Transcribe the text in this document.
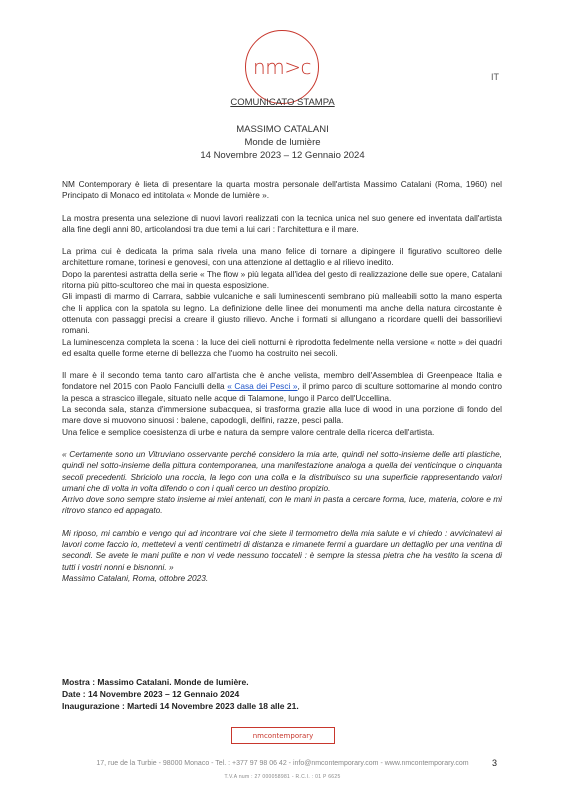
nm>c	IT
COMUNICATO STAMPA
MASSIMO CATALANI
Monde de lumière
14 Novembre 2023 – 12 Gennaio 2024

NM Contemporary è lieta di presentare la quarta mostra personale dell'artista Massimo Catalani (Roma, 1960) nel Principato di Monaco ed intitolata « Monde de lumière ».

La mostra presenta una selezione di nuovi lavori realizzati con la tecnica unica nel suo genere ed inventata dall'artista alla fine degli anni 80, articolandosi tra due temi a lui cari : l'architettura e il mare.

La prima cui è dedicata la prima sala rivela una mano felice di tornare a dipingere il figurativo scultoreo delle architetture romane, torinesi e genovesi, con una attenzione al dettaglio e al rilievo inedito.

Dopo la parentesi astratta della serie « The flow » più legata all'idea del gesto di realizzazione delle sue opere, Catalani ritorna più pitto-scultoreo che mai in questa esposizione.

Gli impasti di marmo di Carrara, sabbie vulcaniche e sali luminescenti sembrano più malleabili sotto la mano esperta che li applica con la spatola su legno. La definizione delle linee dei monumenti ma anche della natura circostante è ottenuta con passaggi precisi a creare il giusto rilievo. Anche i formati si allungano a ricordare quelli dei bassorilievi romani.

La luminescenza completa la scena : la luce dei cieli notturni è riprodotta fedelmente nella versione « notte » dei quadri ed esalta quelle forme eterne di bellezza che l'uomo ha costruito nei secoli.

Il mare è il secondo tema tanto caro all'artista che è anche velista, membro dell'Assemblea di Greenpeace Italia e fondatore nel 2015 con Paolo Fanciulli della « Casa dei Pesci », il primo parco di sculture sottomarine al mondo contro la pesca a strascico illegale, situato nelle acque di Talamone, lungo il Parco dell'Uccellina.

La seconda sala, stanza d'immersione subacquea, si trasforma grazie alla luce di wood in una porzione di fondo del mare dove si muovono sinuosi : balene, capodogli, delfini, razze, pesci palla.

Una felice e semplice coesistenza di urbe e natura da sempre valore centrale della ricerca dell'artista.

« Certamente sono un Vitruviano osservante perché considero la mia arte, quindi nel sotto-insieme delle arti plastiche, quindi nel sotto-insieme della pittura contemporanea, una manifestazione analoga a quella dei venticinque o cinquanta secoli precedenti. Sbriciolo una roccia, la lego con una colla e la distribuisco su una superficie rappresentando valori umani che di volta in volta difendo o con i quali cerco un destino propizio.

Arrivo dove sono sempre stato insieme ai miei antenati, con le mani in pasta a cercare forma, luce, materia, colore e mi ritrovo stanco ed appagato.

Mi riposo, mi cambio e vengo qui ad incontrare voi che siete il termometro della mia salute e vi chiedo : avvicinatevi ai lavori come faccio io, mettetevi a venti centimetri di distanza e rimanete fermi a guardare un dettaglio per una ventina di secondi. Se avete le mani pulite e non vi vede nessuno toccateli : è sempre la stessa pietra che ha vestito la scena di tutti i vostri nonni e bisnonni. »

Massimo Catalani, Roma, ottobre 2023.

Mostra : Massimo Catalani. Monde de lumière.
Date : 14 Novembre 2023 – 12 Gennaio 2024
Inaugurazione : Martedi 14 Novembre 2023 dalle 18 alle 21.
nmcontemporary
17, rue de la Turbie - 98000 Monaco - Tel. : +377 97 98 06 42 - info@nmcontemporary.com - www.nmcontemporary.com
T.V.A num : 27 000058981 - R.C.I. : 01 P 6625
3
